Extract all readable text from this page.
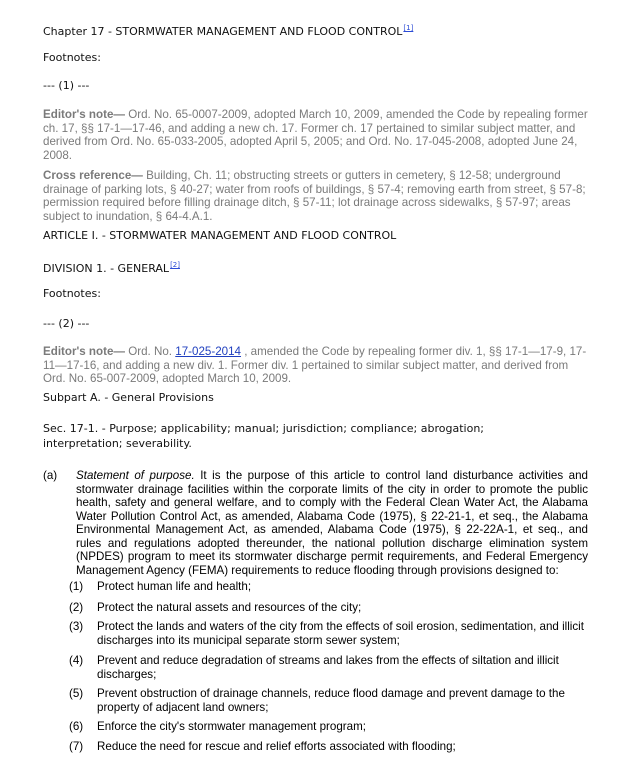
Chapter 17 - STORMWATER MANAGEMENT AND FLOOD CONTROL[1]
Footnotes:
--- (1) ---
Editor's note— Ord. No. 65-0007-2009, adopted March 10, 2009, amended the Code by repealing former ch. 17, §§ 17-1—17-46, and adding a new ch. 17. Former ch. 17 pertained to similar subject matter, and derived from Ord. No. 65-033-2005, adopted April 5, 2005; and Ord. No. 17-045-2008, adopted June 24, 2008.
Cross reference— Building, Ch. 11; obstructing streets or gutters in cemetery, § 12-58; underground drainage of parking lots, § 40-27; water from roofs of buildings, § 57-4; removing earth from street, § 57-8; permission required before filling drainage ditch, § 57-11; lot drainage across sidewalks, § 57-97; areas subject to inundation, § 64-4.A.1.
ARTICLE I. - STORMWATER MANAGEMENT AND FLOOD CONTROL
DIVISION 1. - GENERAL[2]
Footnotes:
--- (2) ---
Editor's note— Ord. No. 17-025-2014 , amended the Code by repealing former div. 1, §§ 17-1—17-9, 17-11—17-16, and adding a new div. 1. Former div. 1 pertained to similar subject matter, and derived from Ord. No. 65-007-2009, adopted March 10, 2009.
Subpart A. - General Provisions
Sec. 17-1. - Purpose; applicability; manual; jurisdiction; compliance; abrogation; interpretation; severability.
(a)	Statement of purpose. It is the purpose of this article to control land disturbance activities and stormwater drainage facilities within the corporate limits of the city in order to promote the public health, safety and general welfare, and to comply with the Federal Clean Water Act, the Alabama Water Pollution Control Act, as amended, Alabama Code (1975), § 22-21-1, et seq., the Alabama Environmental Management Act, as amended, Alabama Code (1975), § 22-22A-1, et seq., and rules and regulations adopted thereunder, the national pollution discharge elimination system (NPDES) program to meet its stormwater discharge permit requirements, and Federal Emergency Management Agency (FEMA) requirements to reduce flooding through provisions designed to:
(1)	Protect human life and health;
(2)	Protect the natural assets and resources of the city;
(3)	Protect the lands and waters of the city from the effects of soil erosion, sedimentation, and illicit discharges into its municipal separate storm sewer system;
(4)	Prevent and reduce degradation of streams and lakes from the effects of siltation and illicit discharges;
(5)	Prevent obstruction of drainage channels, reduce flood damage and prevent damage to the property of adjacent land owners;
(6)	Enforce the city's stormwater management program;
(7)	Reduce the need for rescue and relief efforts associated with flooding;
